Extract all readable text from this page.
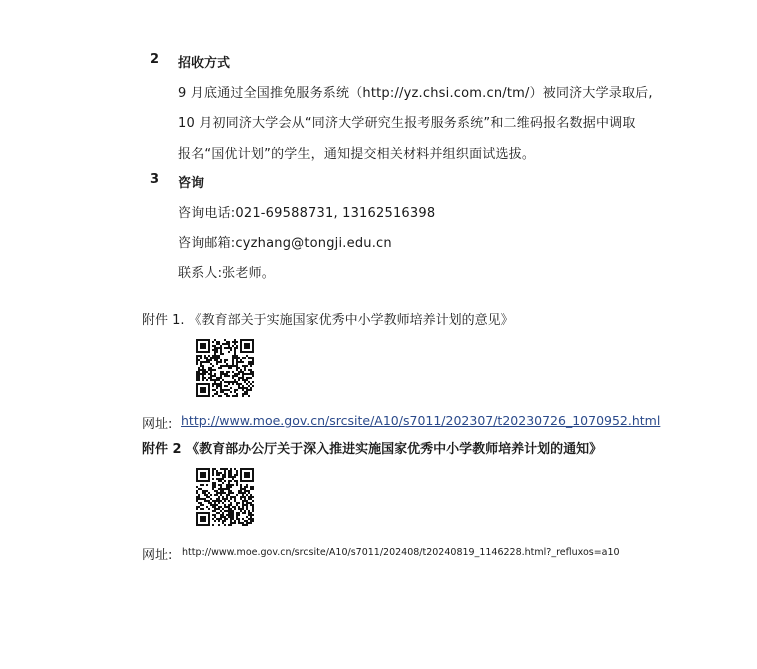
2 招收方式
9 月底通过全国推免服务系统（http://yz.chsi.com.cn/tm/）被同济大学录取后,
10 月初同济大学会从“同济大学研究生报考服务系统”和二维码报名数据中调取
报名“国优计划”的学生，通知提交相关材料并组织面试选拔。
3 咨询
咨询电话:021-69588731, 13162516398
咨询邮箱:cyzhang@tongji.edu.cn
联系人:张老师。
附件 1. 《教育部关于实施国家优秀中小学教师培养计划的意见》
网址: http://www.moe.gov.cn/srcsite/A10/s7011/202307/t20230726_1070952.html
附件 2 《教育部办公厅关于深入推进实施国家优秀中小学教师培养计划的通知》
网址: http://www.moe.gov.cn/srcsite/A10/s7011/202408/t20240819_1146228.html?_refluxos=a10
